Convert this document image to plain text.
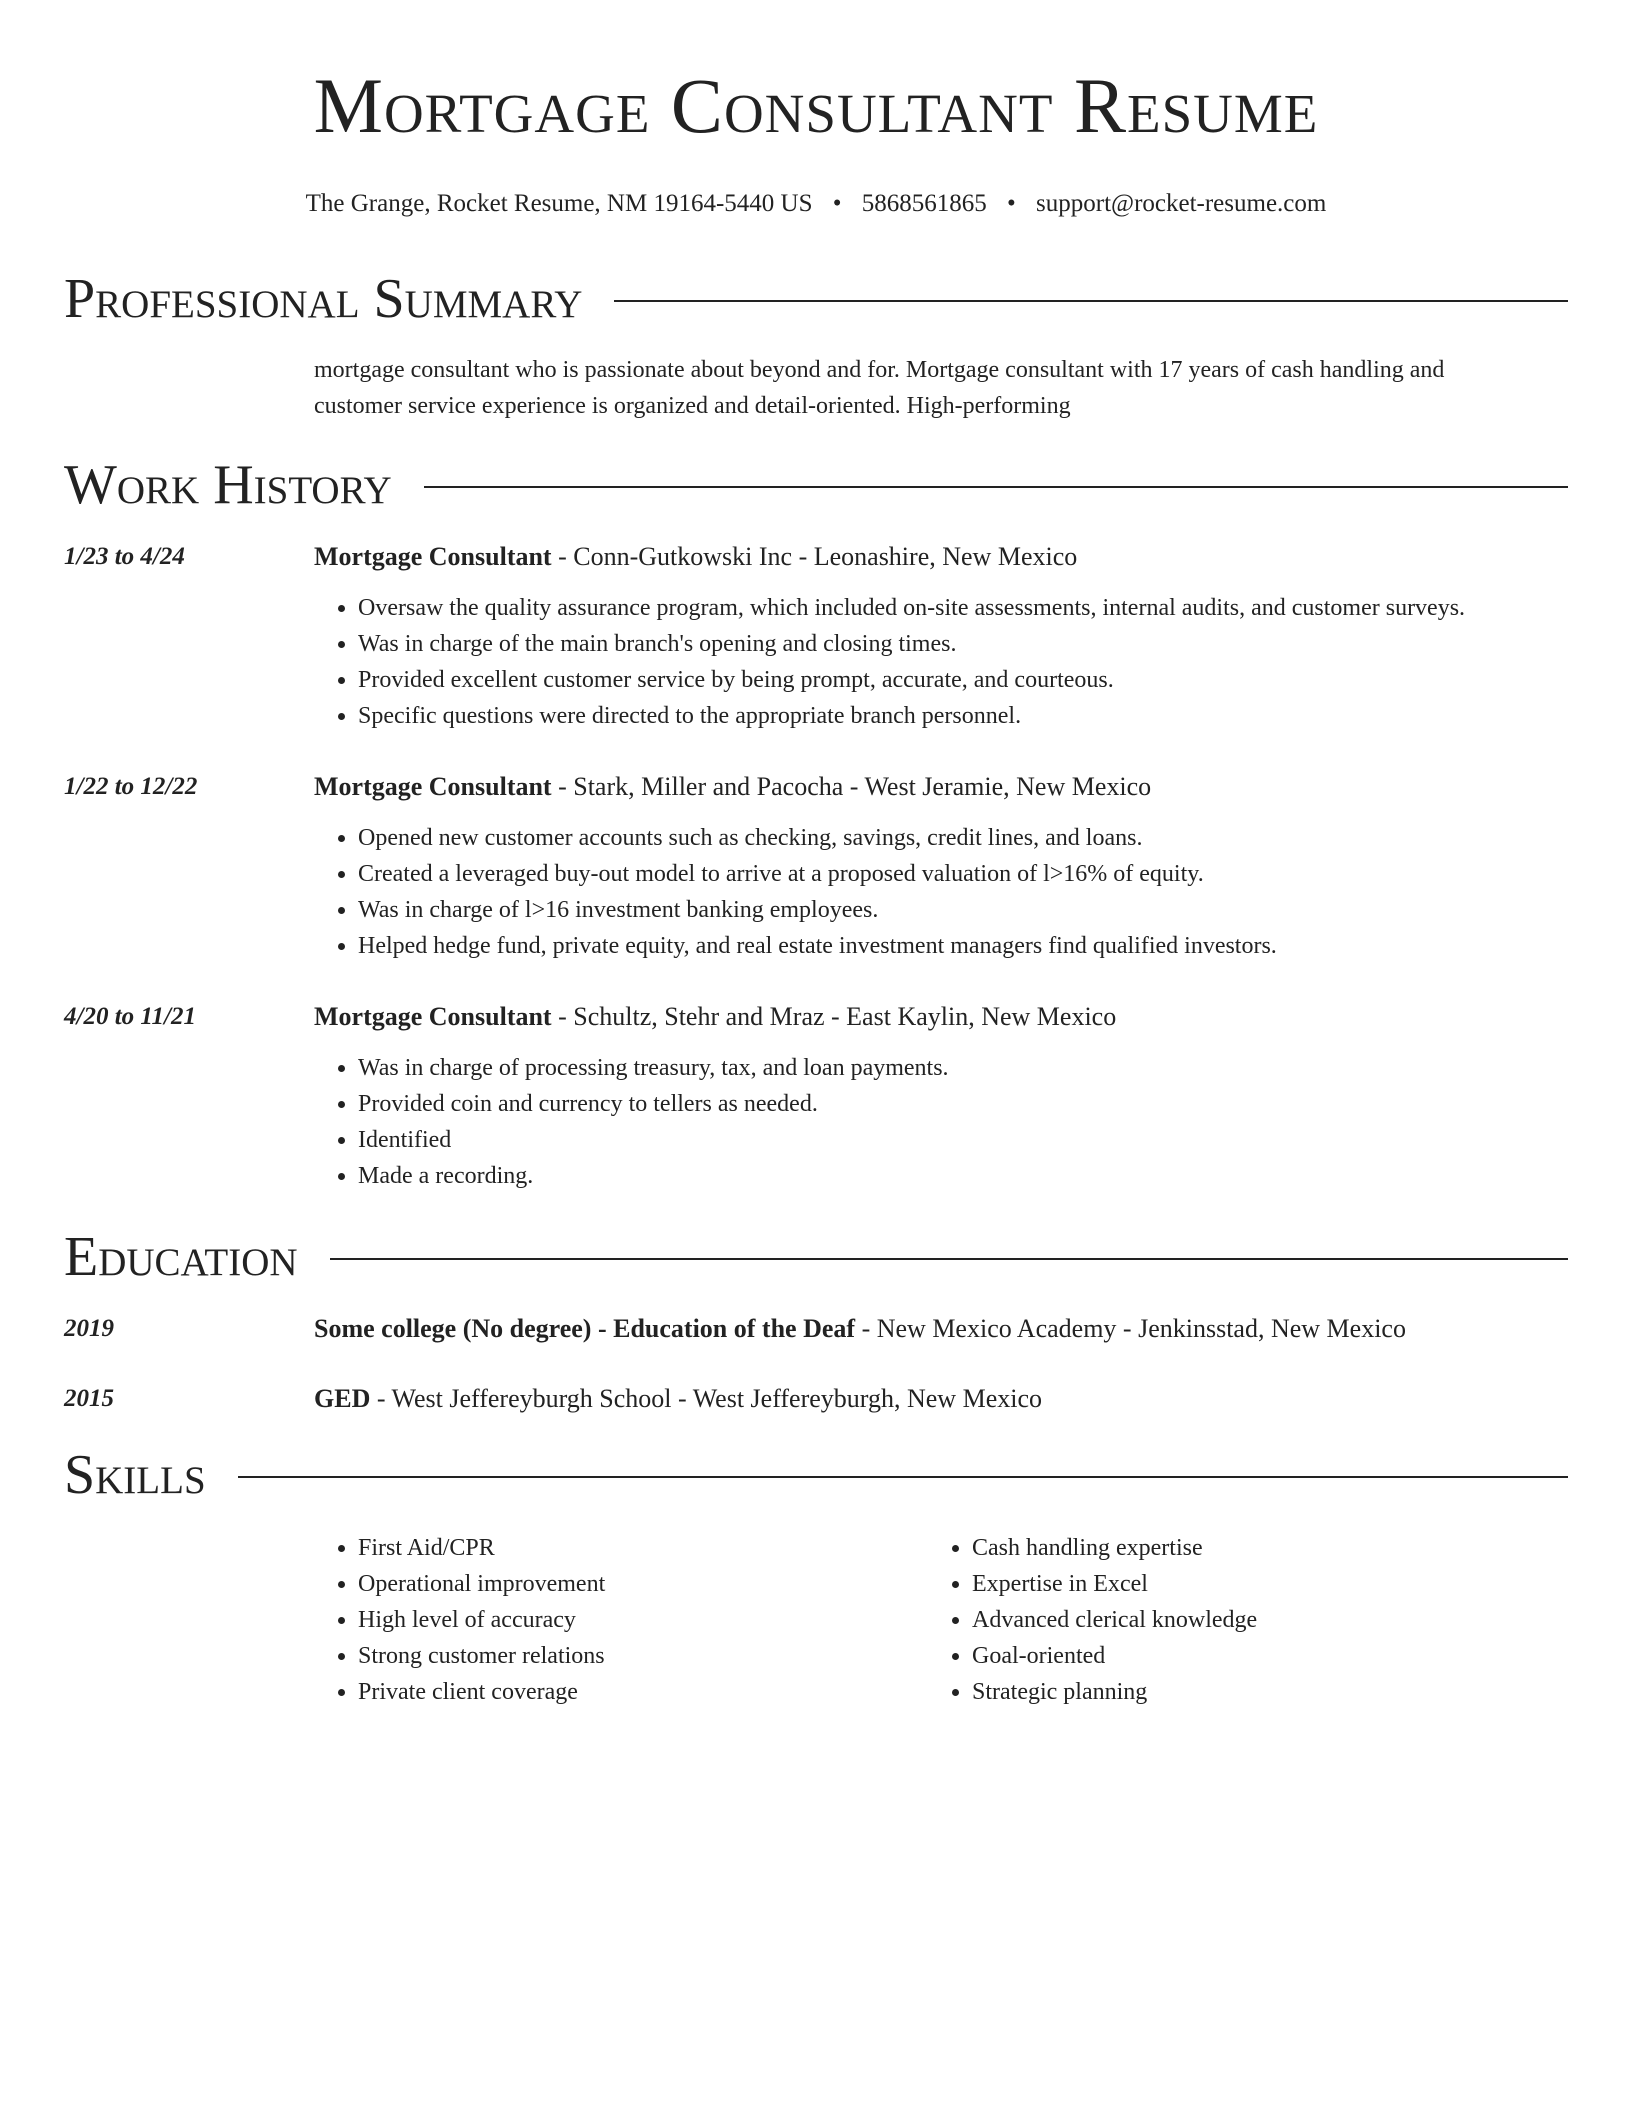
Mortgage Consultant Resume
The Grange, Rocket Resume, NM 19164-5440 US • 5868561865 • support@rocket-resume.com
Professional Summary
mortgage consultant who is passionate about beyond and for. Mortgage consultant with 17 years of cash handling and customer service experience is organized and detail-oriented. High-performing
Work History
1/23 to 4/24	Mortgage Consultant - Conn-Gutkowski Inc - Leonashire, New Mexico
• Oversaw the quality assurance program, which included on-site assessments, internal audits, and customer surveys.
• Was in charge of the main branch's opening and closing times.
• Provided excellent customer service by being prompt, accurate, and courteous.
• Specific questions were directed to the appropriate branch personnel.
1/22 to 12/22	Mortgage Consultant - Stark, Miller and Pacocha - West Jeramie, New Mexico
• Opened new customer accounts such as checking, savings, credit lines, and loans.
• Created a leveraged buy-out model to arrive at a proposed valuation of l>16% of equity.
• Was in charge of l>16 investment banking employees.
• Helped hedge fund, private equity, and real estate investment managers find qualified investors.
4/20 to 11/21	Mortgage Consultant - Schultz, Stehr and Mraz - East Kaylin, New Mexico
• Was in charge of processing treasury, tax, and loan payments.
• Provided coin and currency to tellers as needed.
• Identified
• Made a recording.
Education
2019	Some college (No degree) - Education of the Deaf - New Mexico Academy - Jenkinsstad, New Mexico
2015	GED - West Jeffereyburgh School - West Jeffereyburgh, New Mexico
Skills
• First Aid/CPR
• Operational improvement
• High level of accuracy
• Strong customer relations
• Private client coverage
• Cash handling expertise
• Expertise in Excel
• Advanced clerical knowledge
• Goal-oriented
• Strategic planning
